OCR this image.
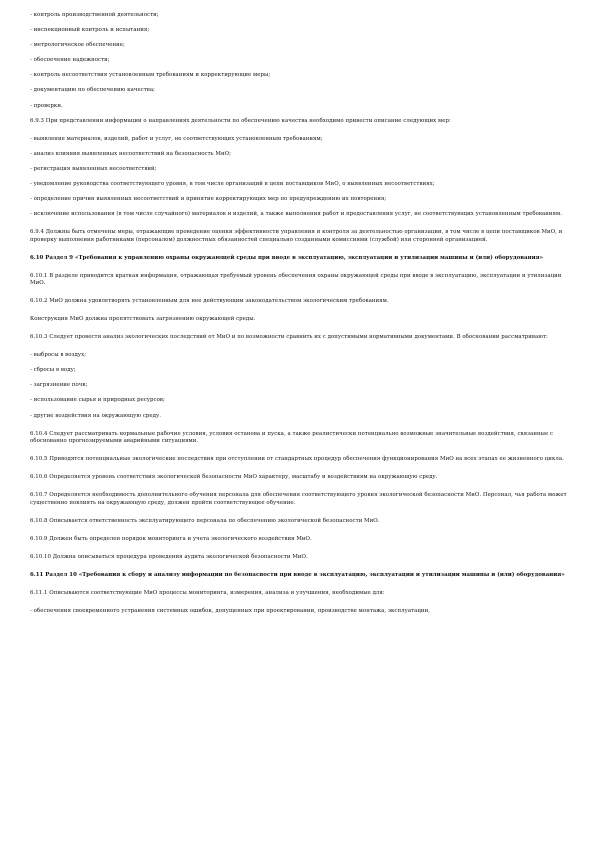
- контроль производственной деятельности;

- инспекционный контроль и испытания;

- метрологическое обеспечение;

- обеспечение надежности;

- контроль несоответствия установленным требованиям и корректирующие меры;

- документацию по обеспечению качества;

- проверки.

6.9.3 При представлении информации о направлениях деятельности по обеспечению качества необходимо привести описание следующих мер:

- выявление материалов, изделий, работ и услуг, не соответствующих установленным требованиям;

- анализ влияния выявленных несоответствий на безопасность МиО;

- регистрация выявленных несоответствий;

- уведомление руководства соответствующего уровня, в том числе организаций в цепи поставщиков МиО, о выявленных несоответствиях;

- определение причин выявленных несоответствий и принятие корректирующих мер по предупреждению их повторения;

- исключение использования (в том числе случайного) материалов и изделий, а также выполнения работ и предоставления услуг, не соответствующих установленным требованиям.

6.9.4 Должны быть отмечены меры, отражающие проведение оценки эффективности управления и контроля за деятельностью организации, в том числе в цепи поставщиков МиО, и проверку выполнения работниками (персоналом) должностных обязанностей специально созданными комиссиями (службой) или сторонней организацией.

6.10 Раздел 9 «Требования к управлению охраны окружающей среды при вводе в эксплуатацию, эксплуатации и утилизации машины и (или) оборудования»

6.10.1 В разделе приводится краткая информация, отражающая требуемый уровень обеспечения охраны окружающей среды при вводе в эксплуатацию, эксплуатации и утилизации МиО.

6.10.2 МиО должна удовлетворять установленным для нее действующим законодательством экологическим требованиям.

Конструкция МиО должна препятствовать загрязнению окружающей среды.

6.10.3 Следует провести анализ экологических последствий от МиО и по возможности сравнить их с допустимыми нормативными документами. В обосновании рассматривают:

- выбросы в воздух;

- сбросы в воду;

- загрязнение почв;

- использование сырья и природных ресурсов;

- другие воздействия на окружающую среду.

6.10.4 Следует рассматривать нормальные рабочие условия, условия останова и пуска, а также реалистически потенциально возможные значительные воздействия, связанные с обоснованно прогнозируемыми аварийными ситуациями.

6.10.5 Приводятся потенциальные экологические последствия при отступлении от стандартных процедур обеспечения функционирования МиО на всех этапах ее жизненного цикла.

6.10.6 Определяется уровень соответствия экологической безопасности МиО характеру, масштабу и воздействиям на окружающую среду.

6.10.7 Определяется необходимость дополнительного обучения персонала для обеспечения соответствующего уровня экологической безопасности МиО. Персонал, чья работа может существенно повлиять на окружающую среду, должен пройти соответствующее обучение.

6.10.8 Описывается ответственность эксплуатирующего персонала по обеспечению экологической безопасности МиО.

6.10.9 Должен быть определен порядок мониторинга и учета экологического воздействия МиО.

6.10.10 Должна описываться процедура проведения аудита экологической безопасности МиО.

6.11 Раздел 10 «Требования к сбору и анализу информации по безопасности при вводе в эксплуатацию, эксплуатации и утилизации машины и (или) оборудования»

6.11.1 Описываются соответствующие МиО процессы мониторинга, измерения, анализа и улучшения, необходимые для:

- обеспечения своевременного устранения системных ошибок, допущенных при проектировании, производстве монтажа, эксплуатации,
